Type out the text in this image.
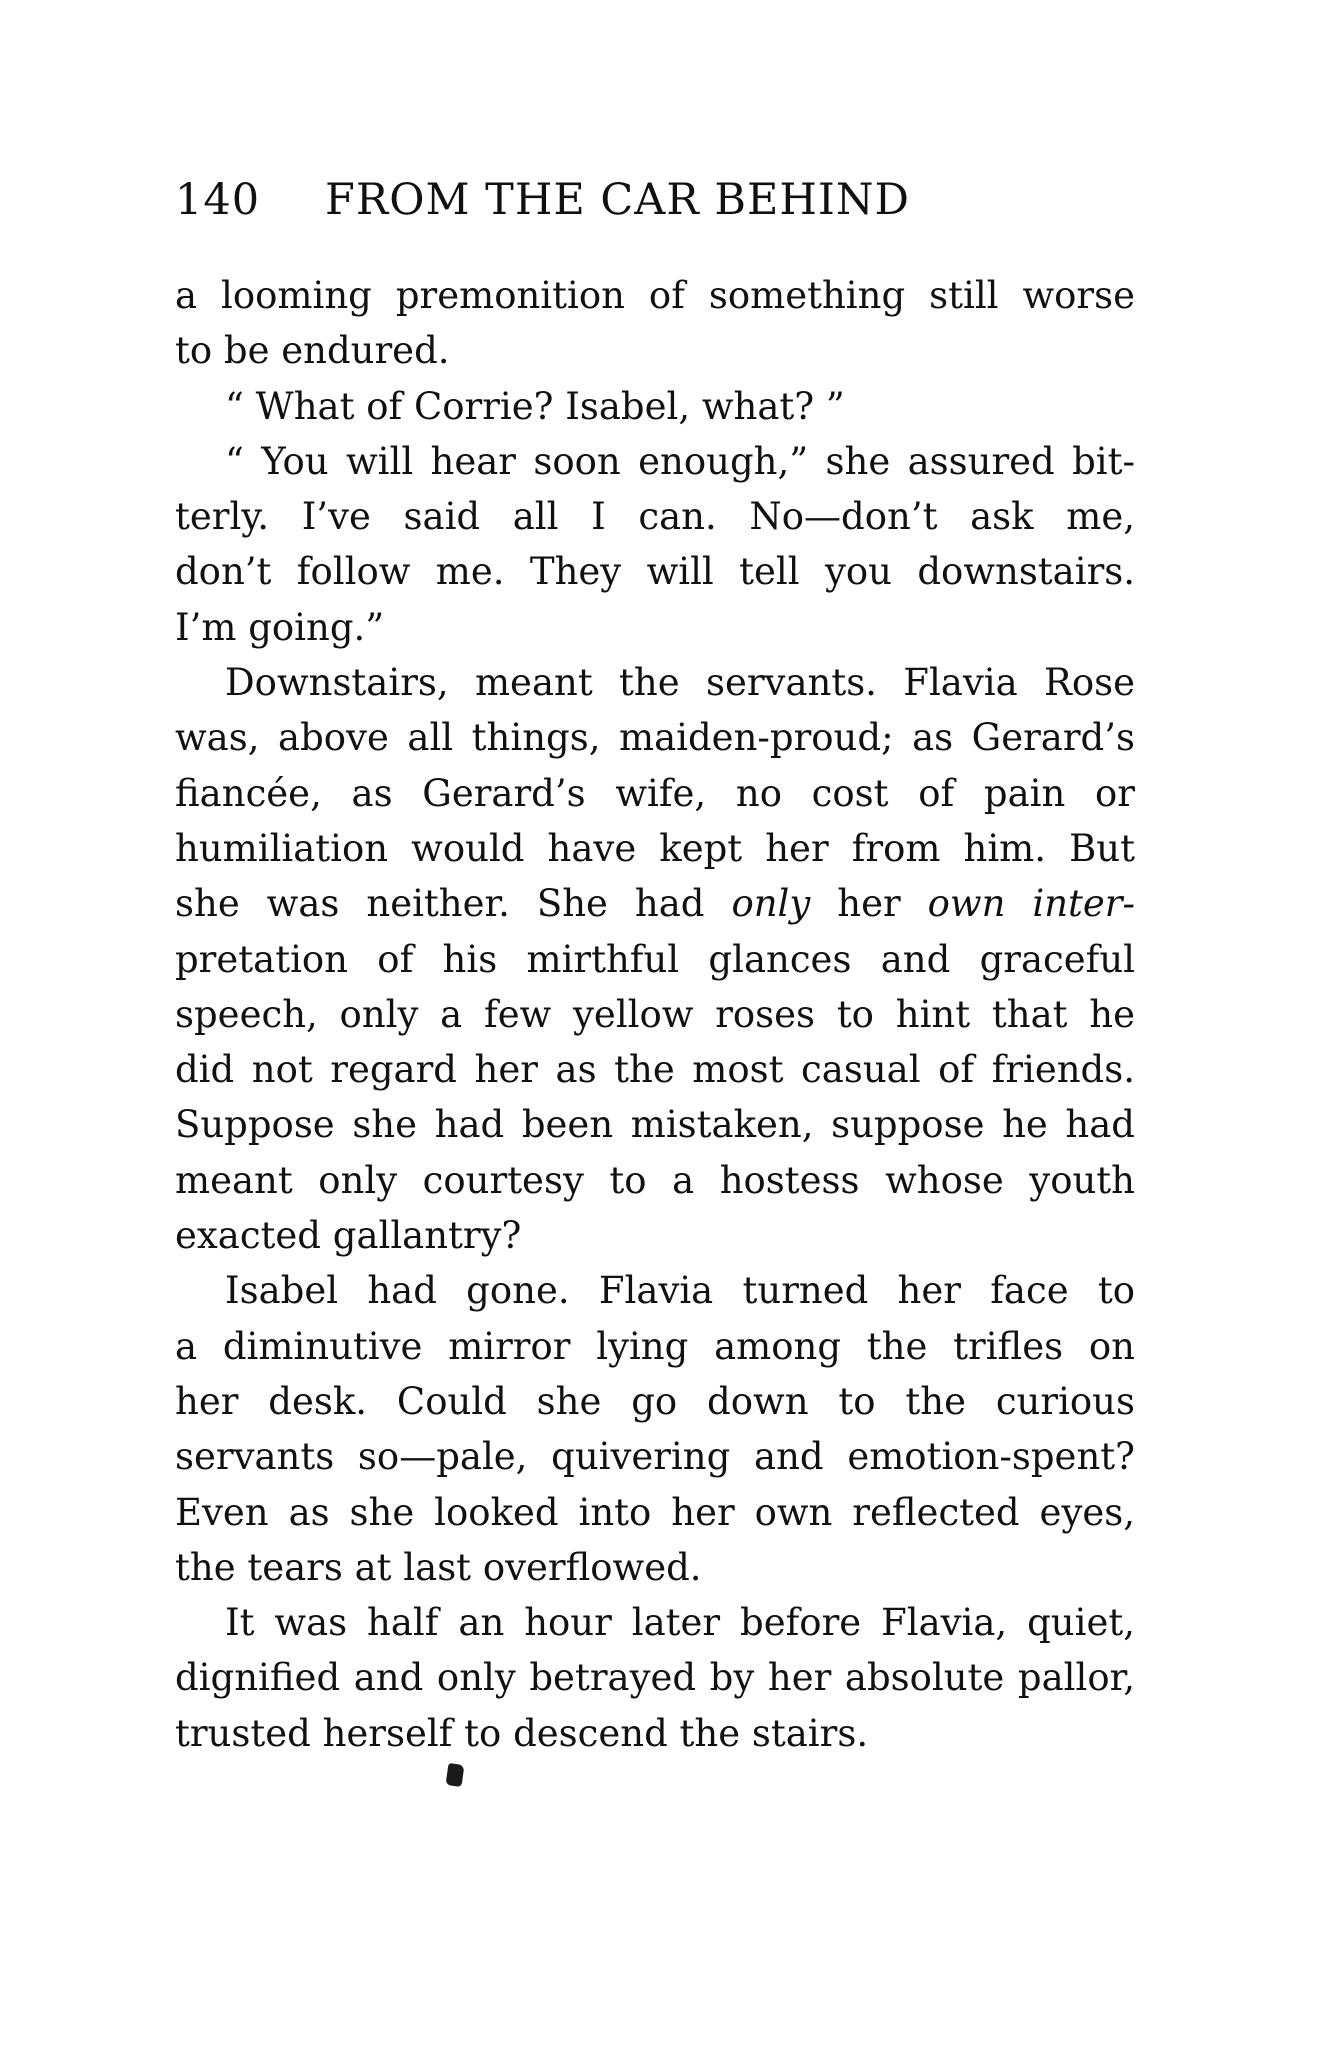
140 FROM THE CAR BEHIND
a looming premonition of something still worse
to be endured.
“ What of Corrie? Isabel, what? ”
“ You will hear soon enough,” she assured bit-
terly. I’ve said all I can. No—don’t ask me,
don’t follow me. They will tell you downstairs.
I’m going.”
Downstairs, meant the servants. Flavia Rose
was, above all things, maiden-proud; as Gerard’s
fiancée, as Gerard’s wife, no cost of pain or
humiliation would have kept her from him. But
she was neither. She had only her own inter-
pretation of his mirthful glances and graceful
speech, only a few yellow roses to hint that he
did not regard her as the most casual of friends.
Suppose she had been mistaken, suppose he had
meant only courtesy to a hostess whose youth
exacted gallantry?
Isabel had gone. Flavia turned her face to
a diminutive mirror lying among the trifles on
her desk. Could she go down to the curious
servants so—pale, quivering and emotion-spent?
Even as she looked into her own reflected eyes,
the tears at last overflowed.
It was half an hour later before Flavia, quiet,
dignified and only betrayed by her absolute pallor,
trusted herself to descend the stairs.
